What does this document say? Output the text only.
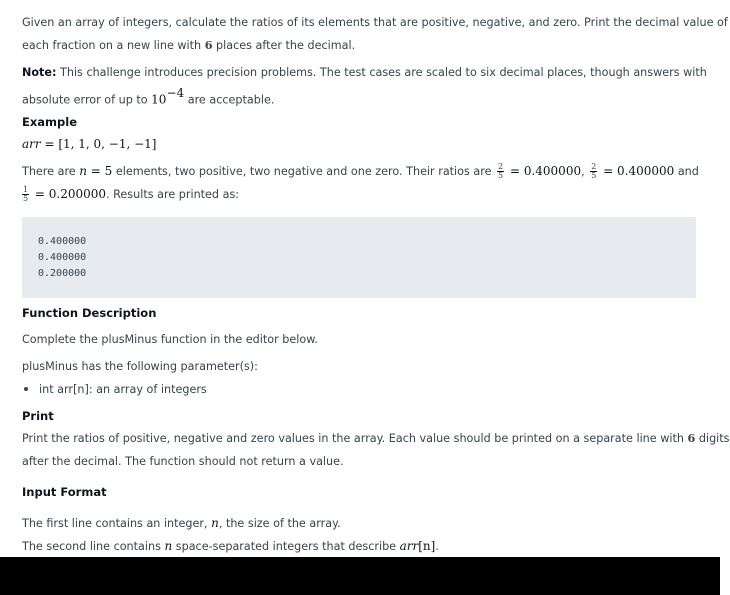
Given an array of integers, calculate the ratios of its elements that are positive, negative, and zero. Print the decimal value of
each fraction on a new line with 6 places after the decimal.
Note: This challenge introduces precision problems. The test cases are scaled to six decimal places, though answers with
absolute error of up to $10^{-4}$ are acceptable.
Example
arr = [1, 1, 0, −1, −1]
There are n = 5 elements, two positive, two negative and one zero. Their ratios are $\frac{2}{5} = 0.400000$, $\frac{2}{5} = 0.400000$ and
$\frac{1}{5} = 0.200000$. Results are printed as:
0.400000
0.400000
0.200000
Function Description
Complete the plusMinus function in the editor below.
plusMinus has the following parameter(s):
int arr[n]: an array of integers
Print
Print the ratios of positive, negative and zero values in the array. Each value should be printed on a separate line with 6 digits
after the decimal. The function should not return a value.
Input Format
The first line contains an integer, n, the size of the array.
The second line contains n space-separated integers that describe arr[n].
